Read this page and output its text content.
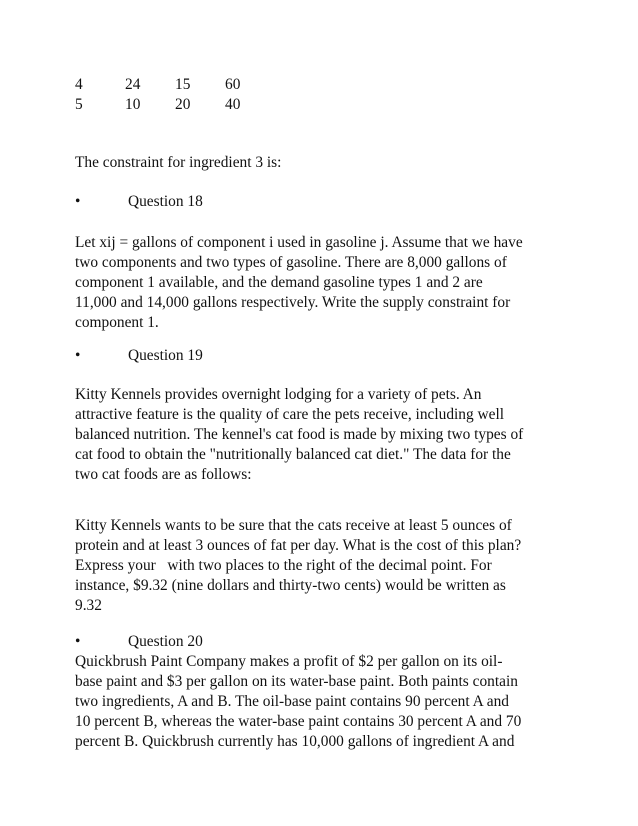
4	24 15 60
5	10 20 40

The constraint for ingredient 3 is:

•	Question 18

Let xij = gallons of component i used in gasoline j. Assume that we have
two components and two types of gasoline. There are 8,000 gallons of
component 1 available, and the demand gasoline types 1 and 2 are
11,000 and 14,000 gallons respectively. Write the supply constraint for
component 1.

•	Question 19

Kitty Kennels provides overnight lodging for a variety of pets. An
attractive feature is the quality of care the pets receive, including well
balanced nutrition. The kennel's cat food is made by mixing two types of
cat food to obtain the "nutritionally balanced cat diet." The data for the
two cat foods are as follows:

Kitty Kennels wants to be sure that the cats receive at least 5 ounces of
protein and at least 3 ounces of fat per day. What is the cost of this plan?
Express your   with two places to the right of the decimal point. For
instance, $9.32 (nine dollars and thirty-two cents) would be written as
9.32

•	Question 20

Quickbrush Paint Company makes a profit of $2 per gallon on its oil-
base paint and $3 per gallon on its water-base paint. Both paints contain
two ingredients, A and B. The oil-base paint contains 90 percent A and
10 percent B, whereas the water-base paint contains 30 percent A and 70
percent B. Quickbrush currently has 10,000 gallons of ingredient A and
